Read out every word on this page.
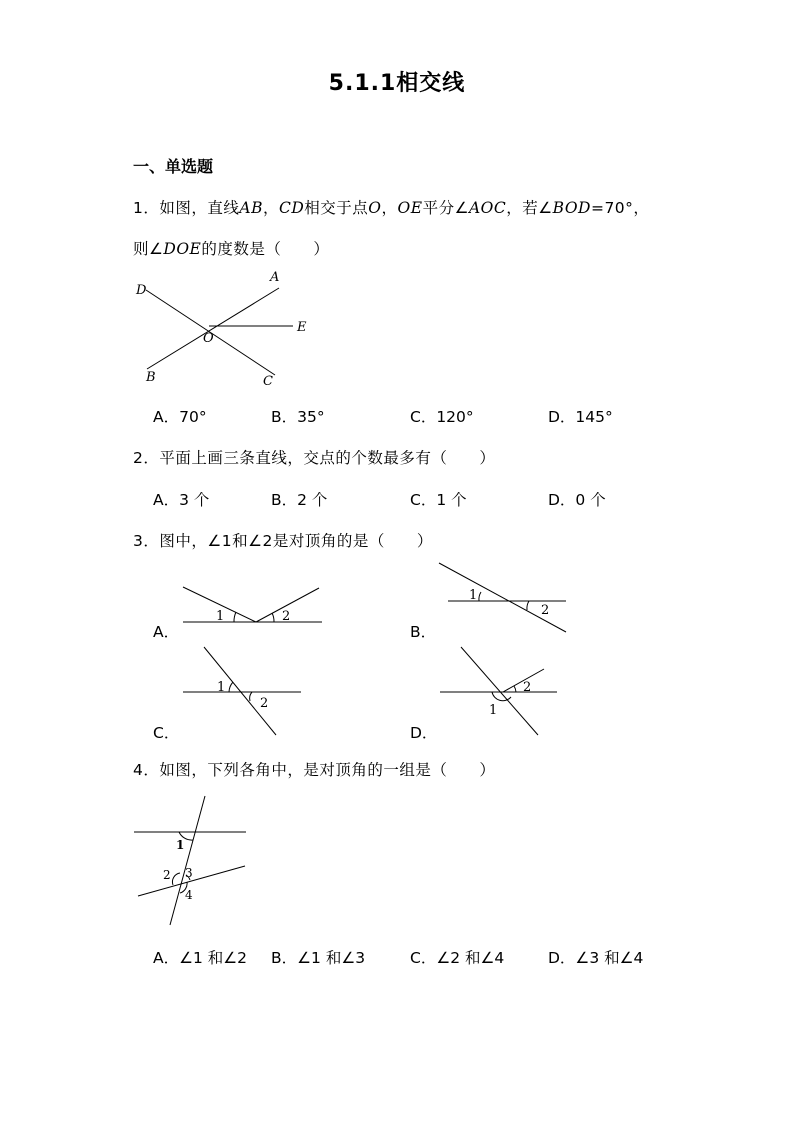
5.1.1相交线
一、单选题
1．如图，直线AB，CD相交于点O，OE平分∠AOC，若∠BOD=70°，
则∠DOE的度数是（　　）
A
D
E
O
B	C
A．70°	B．35°	C．120°	D．145°
2．平面上画三条直线，交点的个数最多有（　　）
A．3 个	B．2 个	C．1 个	D．0 个
3．图中，∠1和∠2是对顶角的是（　　）
A．	B．
C．	D．
1	2
1
2
1
2
2
1
4．如图，下列各角中，是对顶角的一组是（　　）
1
2 3
4
A．∠1 和∠2 B．∠1 和∠3	C．∠2 和∠4	D．∠3 和∠4
